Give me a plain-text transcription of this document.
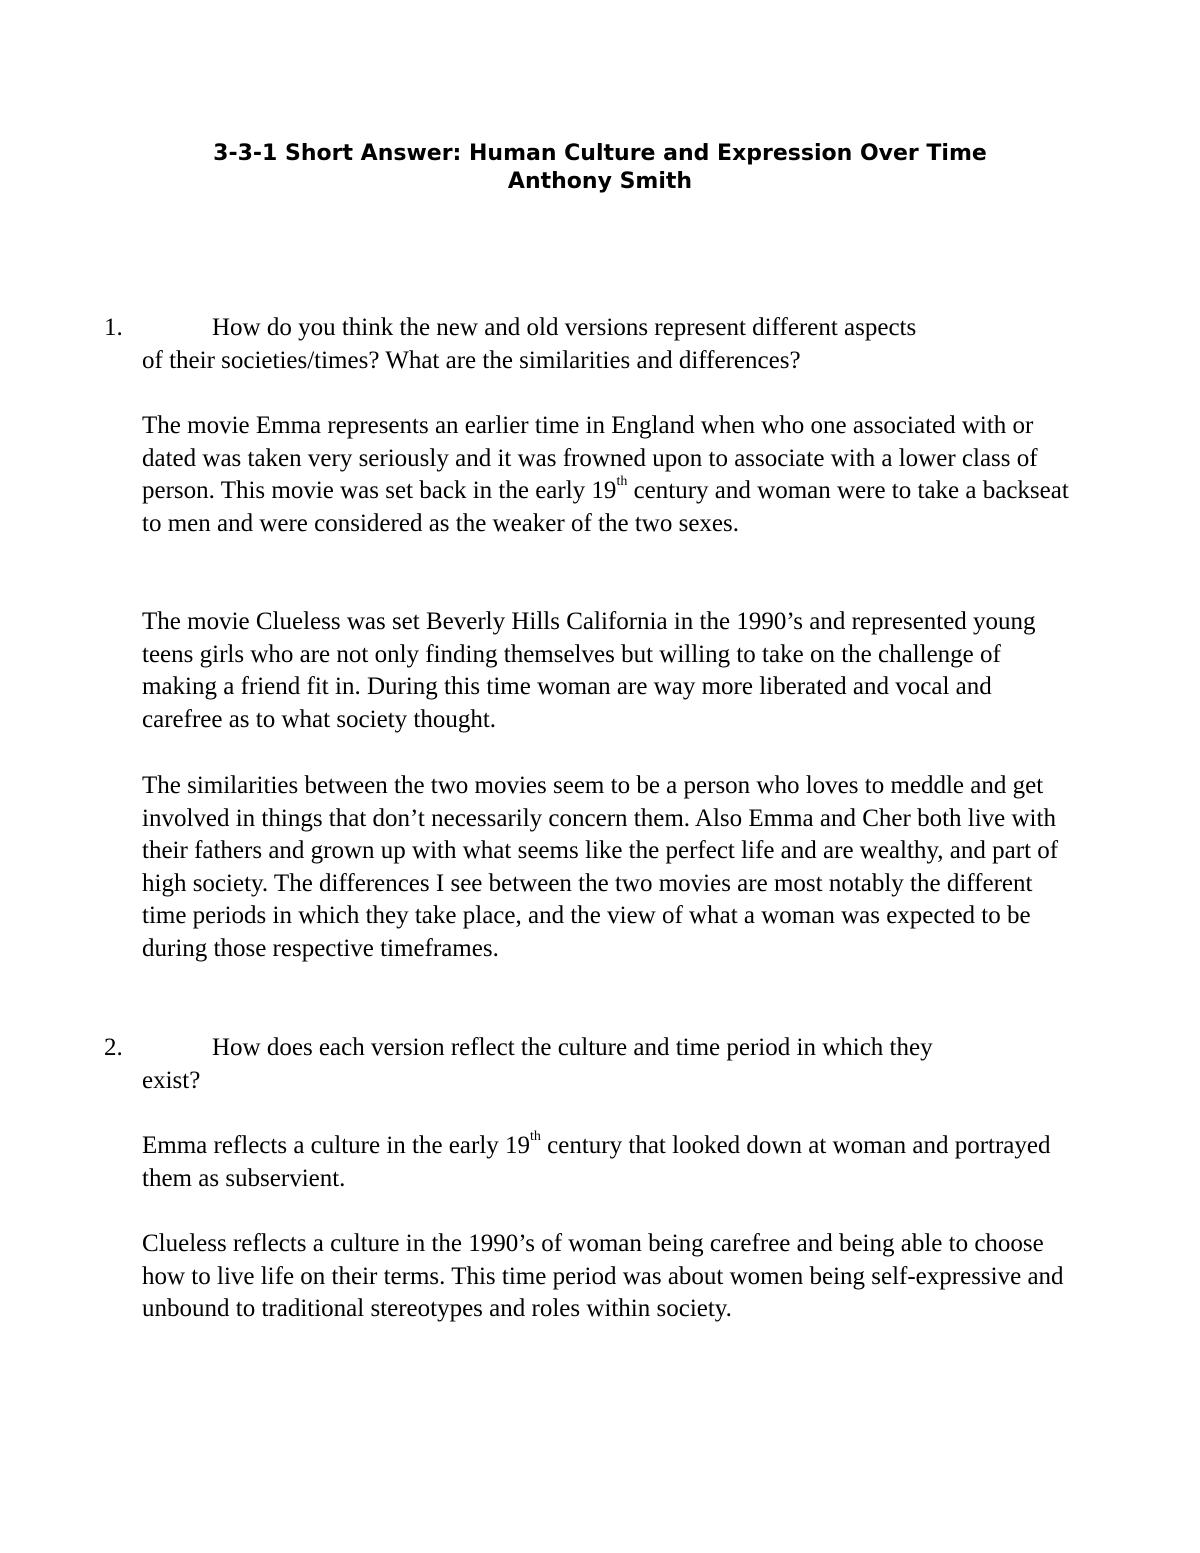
3-3-1 Short Answer: Human Culture and Expression Over Time
Anthony Smith
1.	How do you think the new and old versions represent different aspects
of their societies/times? What are the similarities and differences?

The movie Emma represents an earlier time in England when who one associated with or dated was taken very seriously and it was frowned upon to associate with a lower class of person. This movie was set back in the early 19th century and woman were to take a backseat to men and were considered as the weaker of the two sexes.

The movie Clueless was set Beverly Hills California in the 1990’s and represented young teens girls who are not only finding themselves but willing to take on the challenge of making a friend fit in. During this time woman are way more liberated and vocal and carefree as to what society thought.

The similarities between the two movies seem to be a person who loves to meddle and get involved in things that don’t necessarily concern them. Also Emma and Cher both live with their fathers and grown up with what seems like the perfect life and are wealthy, and part of high society. The differences I see between the two movies are most notably the different time periods in which they take place, and the view of what a woman was expected to be during those respective timeframes.

2.	How does each version reflect the culture and time period in which they
exist?

Emma reflects a culture in the early 19th century that looked down at woman and portrayed them as subservient.

Clueless reflects a culture in the 1990’s of woman being carefree and being able to choose how to live life on their terms. This time period was about women being self-expressive and unbound to traditional stereotypes and roles within society.
